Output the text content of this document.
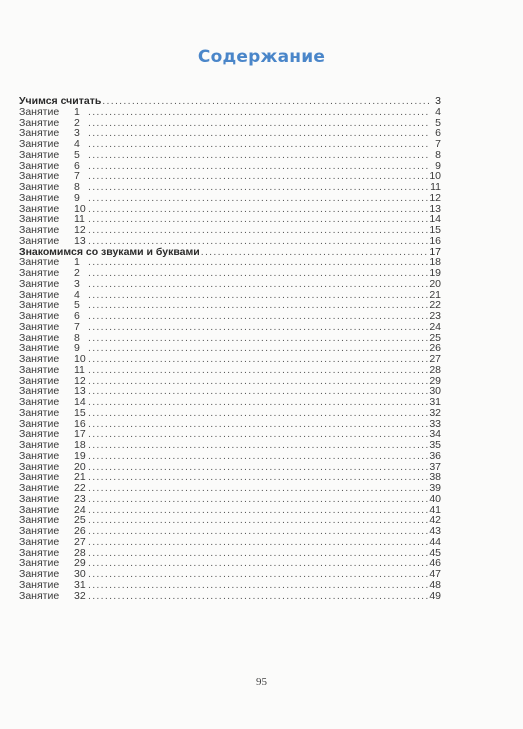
Содержание
Учимся считать .....	3
Занятие 1 .....	4
Занятие 2 .....	5
Занятие 3 .....	6
Занятие 4 .....	7
Занятие 5 .....	8
Занятие 6 .....	9
Занятие 7 .....	10
Занятие 8 .....	11
Занятие 9 .....	12
Занятие 10 .....	13
Занятие 11 .....	14
Занятие 12 .....	15
Занятие 13 .....	16
Знакомимся со звуками и буквами .....	17
Занятие 1 .....	18
Занятие 2 .....	19
Занятие 3 .....	20
Занятие 4 .....	21
Занятие 5 .....	22
Занятие 6 .....	23
Занятие 7 .....	24
Занятие 8 .....	25
Занятие 9 .....	26
Занятие 10 .....	27
Занятие 11 .....	28
Занятие 12 .....	29
Занятие 13 .....	30
Занятие 14 .....	31
Занятие 15 .....	32
Занятие 16 .....	33
Занятие 17 .....	34
Занятие 18 .....	35
Занятие 19 .....	36
Занятие 20 .....	37
Занятие 21 .....	38
Занятие 22 .....	39
Занятие 23 .....	40
Занятие 24 .....	41
Занятие 25 .....	42
Занятие 26 .....	43
Занятие 27 .....	44
Занятие 28 .....	45
Занятие 29 .....	46
Занятие 30 .....	47
Занятие 31 .....	48
Занятие 32 .....	49
95
